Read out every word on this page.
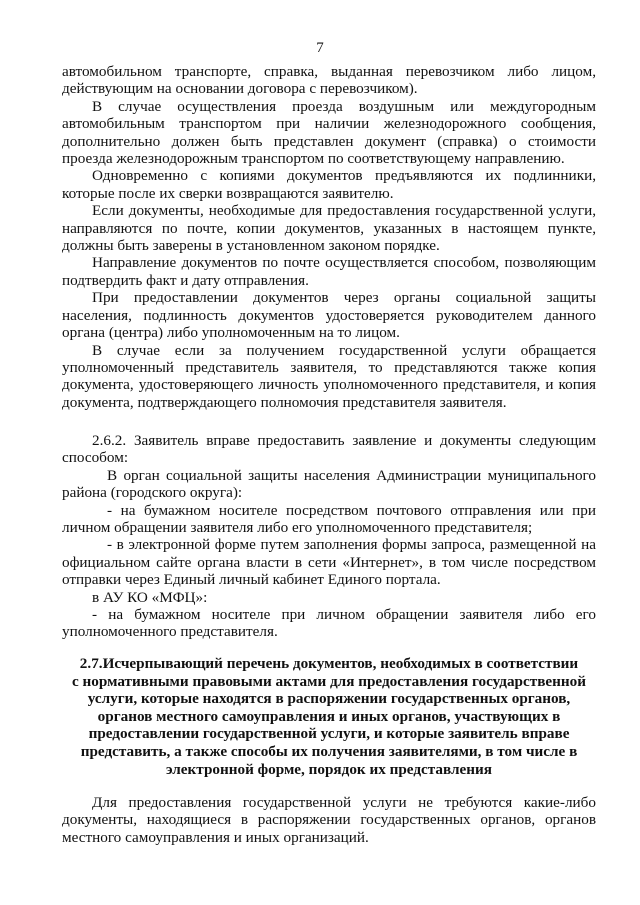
7

автомобильном транспорте, справка, выданная перевозчиком либо лицом, действующим на основании договора с перевозчиком).

В случае осуществления проезда воздушным или междугородным автомобильным транспортом при наличии железнодорожного сообщения, дополнительно должен быть представлен документ (справка) о стоимости проезда железнодорожным транспортом по соответствующему направлению.

Одновременно с копиями документов предъявляются их подлинники, которые после их сверки возвращаются заявителю.

Если документы, необходимые для предоставления государственной услуги, направляются по почте, копии документов, указанных в настоящем пункте, должны быть заверены в установленном законом порядке.

Направление документов по почте осуществляется способом, позволяющим подтвердить факт и дату отправления.

При предоставлении документов через органы социальной защиты населения, подлинность документов удостоверяется руководителем данного органа (центра) либо уполномоченным на то лицом.

В случае если за получением государственной услуги обращается уполномоченный представитель заявителя, то представляются также копия документа, удостоверяющего личность уполномоченного представителя, и копия документа, подтверждающего полномочия представителя заявителя.

2.6.2. Заявитель вправе предоставить заявление и документы следующим способом:

В орган социальной защиты населения Администрации муниципального района (городского округа):

- на бумажном носителе посредством почтового отправления или при личном обращении заявителя либо его уполномоченного представителя;

- в электронной форме путем заполнения формы запроса, размещенной на официальном сайте органа власти в сети «Интернет», в том числе посредством отправки через Единый личный кабинет Единого портала.

в АУ КО «МФЦ»:

- на бумажном носителе при личном обращении заявителя либо его уполномоченного представителя.

2.7.Исчерпывающий перечень документов, необходимых в соответствии
с нормативными правовыми актами для предоставления государственной
услуги, которые находятся в распоряжении государственных органов,
органов местного самоуправления и иных органов, участвующих в
предоставлении государственной услуги, и которые заявитель вправе
представить, а также способы их получения заявителями, в том числе в
электронной форме, порядок их представления

Для предоставления государственной услуги не требуются какие-либо документы, находящиеся в распоряжении государственных органов, органов местного самоуправления и иных организаций.
